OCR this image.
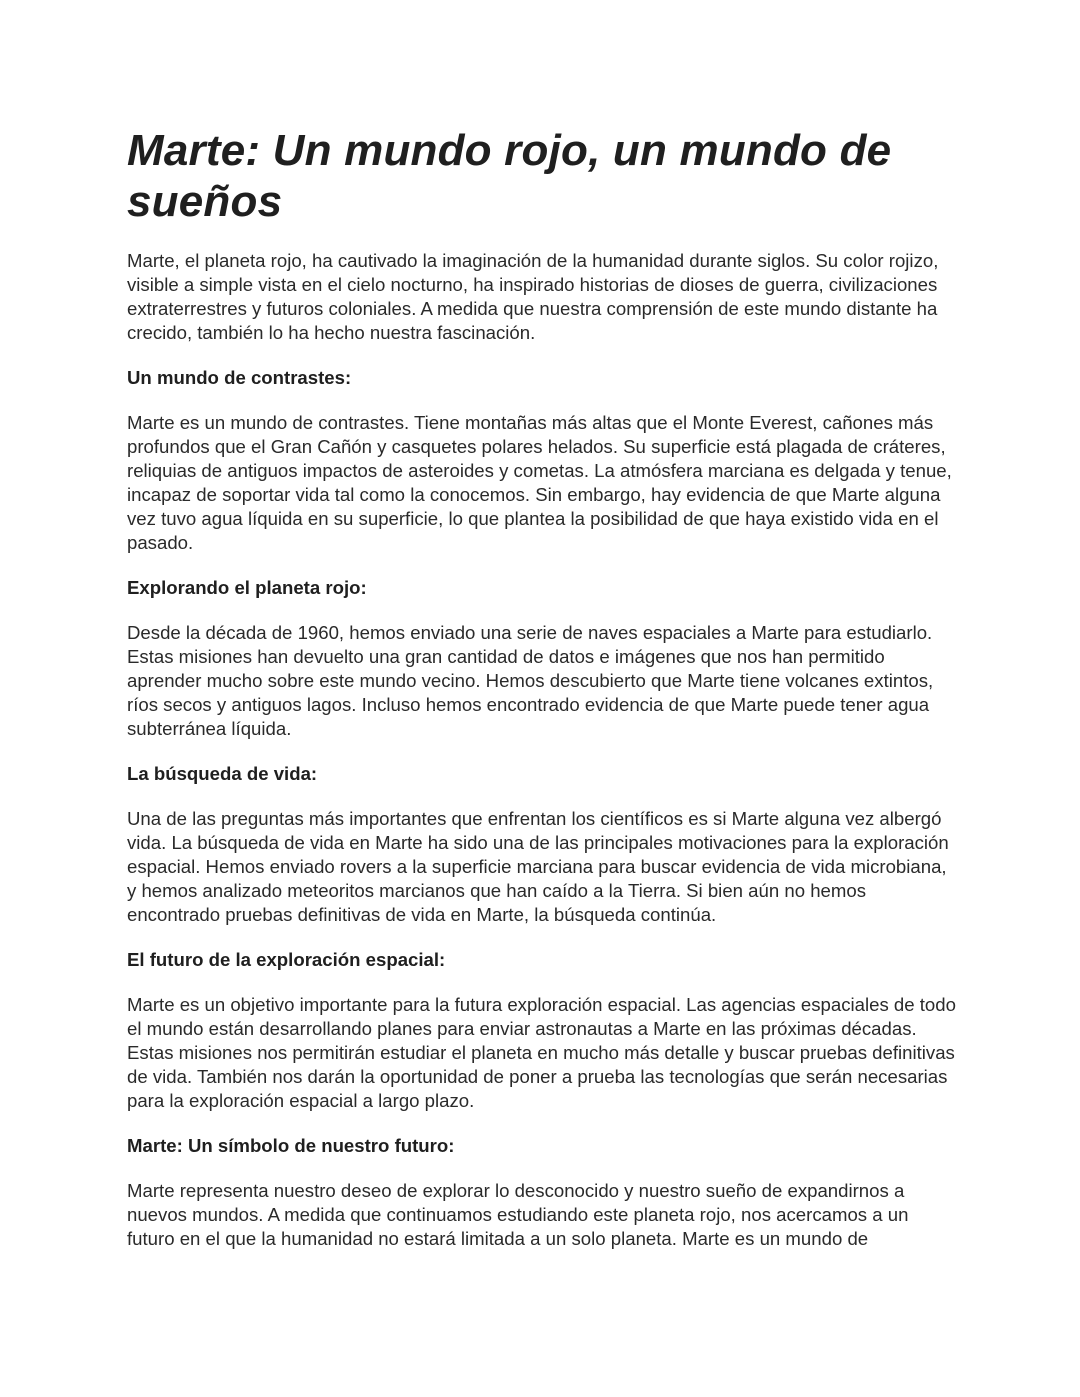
Marte: Un mundo rojo, un mundo de sueños

Marte, el planeta rojo, ha cautivado la imaginación de la humanidad durante siglos. Su color rojizo, visible a simple vista en el cielo nocturno, ha inspirado historias de dioses de guerra, civilizaciones extraterrestres y futuros coloniales. A medida que nuestra comprensión de este mundo distante ha crecido, también lo ha hecho nuestra fascinación.

Un mundo de contrastes:

Marte es un mundo de contrastes. Tiene montañas más altas que el Monte Everest, cañones más profundos que el Gran Cañón y casquetes polares helados. Su superficie está plagada de cráteres, reliquias de antiguos impactos de asteroides y cometas. La atmósfera marciana es delgada y tenue, incapaz de soportar vida tal como la conocemos. Sin embargo, hay evidencia de que Marte alguna vez tuvo agua líquida en su superficie, lo que plantea la posibilidad de que haya existido vida en el pasado.

Explorando el planeta rojo:

Desde la década de 1960, hemos enviado una serie de naves espaciales a Marte para estudiarlo. Estas misiones han devuelto una gran cantidad de datos e imágenes que nos han permitido aprender mucho sobre este mundo vecino. Hemos descubierto que Marte tiene volcanes extintos, ríos secos y antiguos lagos. Incluso hemos encontrado evidencia de que Marte puede tener agua subterránea líquida.

La búsqueda de vida:

Una de las preguntas más importantes que enfrentan los científicos es si Marte alguna vez albergó vida. La búsqueda de vida en Marte ha sido una de las principales motivaciones para la exploración espacial. Hemos enviado rovers a la superficie marciana para buscar evidencia de vida microbiana, y hemos analizado meteoritos marcianos que han caído a la Tierra. Si bien aún no hemos encontrado pruebas definitivas de vida en Marte, la búsqueda continúa.

El futuro de la exploración espacial:

Marte es un objetivo importante para la futura exploración espacial. Las agencias espaciales de todo el mundo están desarrollando planes para enviar astronautas a Marte en las próximas décadas. Estas misiones nos permitirán estudiar el planeta en mucho más detalle y buscar pruebas definitivas de vida. También nos darán la oportunidad de poner a prueba las tecnologías que serán necesarias para la exploración espacial a largo plazo.

Marte: Un símbolo de nuestro futuro:

Marte representa nuestro deseo de explorar lo desconocido y nuestro sueño de expandirnos a nuevos mundos. A medida que continuamos estudiando este planeta rojo, nos acercamos a un futuro en el que la humanidad no estará limitada a un solo planeta. Marte es un mundo de
